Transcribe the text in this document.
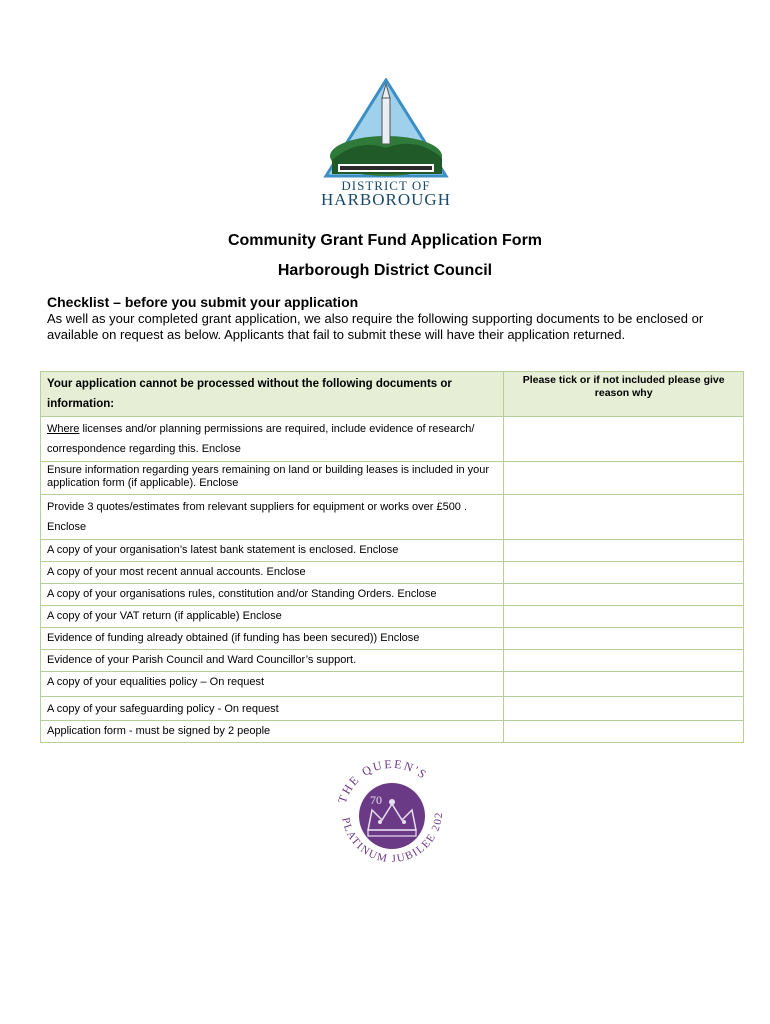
DISTRICT OF
HARBOROUGH
Community Grant Fund Application Form
Harborough District Council
Checklist – before you submit your application
As well as your completed grant application, we also require the following supporting documents to be enclosed or available on request as below. Applicants that fail to submit these will have their application returned.
Your application cannot be processed without the following documents or information:	Please tick or if not included please give reason why
Where licenses and/or planning permissions are required, include evidence of research/ correspondence regarding this. Enclose	
Ensure information regarding years remaining on land or building leases is included in your application form (if applicable). Enclose	
Provide 3 quotes/estimates from relevant suppliers for equipment or works over £500 . Enclose	
A copy of your organisation’s latest bank statement is enclosed. Enclose	
A copy of your most recent annual accounts. Enclose	
A copy of your organisations rules, constitution and/or Standing Orders. Enclose	
A copy of your VAT return (if applicable) Enclose	
Evidence of funding already obtained (if funding has been secured)) Enclose	
Evidence of your Parish Council and Ward Councillor’s support.	
A copy of your equalities policy – On request	
A copy of your safeguarding policy - On request	
Application form - must be signed by 2 people	
THE QUEEN'S
PLATINUM JUBILEE 202
70
